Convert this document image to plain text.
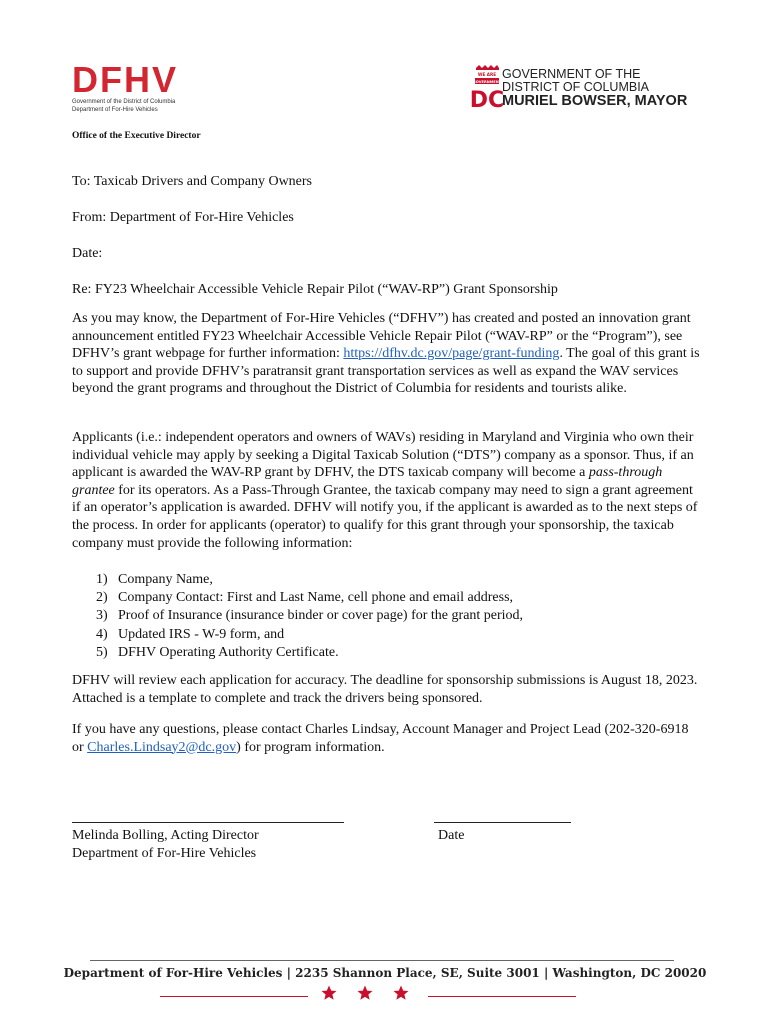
DFHV
Government of the District of Columbia
Department of For-Hire Vehicles
WE ARE
GOVERNMENT
DC
GOVERNMENT OF THE
DISTRICT OF COLUMBIA
MURIEL BOWSER, MAYOR
Office of the Executive Director
To: Taxicab Drivers and Company Owners
From: Department of For-Hire Vehicles
Date:
Re: FY23 Wheelchair Accessible Vehicle Repair Pilot (“WAV-RP”) Grant Sponsorship

As you may know, the Department of For-Hire Vehicles (“DFHV”) has created and posted an innovation grant announcement entitled FY23 Wheelchair Accessible Vehicle Repair Pilot (“WAV-RP” or the “Program”), see DFHV’s grant webpage for further information: https://dfhv.dc.gov/page/grant-funding. The goal of this grant is to support and provide DFHV’s paratransit grant transportation services as well as expand the WAV services beyond the grant programs and throughout the District of Columbia for residents and tourists alike.

Applicants (i.e.: independent operators and owners of WAVs) residing in Maryland and Virginia who own their individual vehicle may apply by seeking a Digital Taxicab Solution (“DTS”) company as a sponsor. Thus, if an applicant is awarded the WAV-RP grant by DFHV, the DTS taxicab company will become a pass-through grantee for its operators. As a Pass-Through Grantee, the taxicab company may need to sign a grant agreement if an operator’s application is awarded. DFHV will notify you, if the applicant is awarded as to the next steps of the process. In order for applicants (operator) to qualify for this grant through your sponsorship, the taxicab company must provide the following information:

1) Company Name,
2) Company Contact: First and Last Name, cell phone and email address,
3) Proof of Insurance (insurance binder or cover page) for the grant period,
4) Updated IRS - W-9 form, and
5) DFHV Operating Authority Certificate.

DFHV will review each application for accuracy. The deadline for sponsorship submissions is August 18, 2023. Attached is a template to complete and track the drivers being sponsored.

If you have any questions, please contact Charles Lindsay, Account Manager and Project Lead (202-320-6918 or Charles.Lindsay2@dc.gov) for program information.

Melinda Bolling, Acting Director
Department of For-Hire Vehicles
Date
Department of For-Hire Vehicles | 2235 Shannon Place, SE, Suite 3001 | Washington, DC 20020
